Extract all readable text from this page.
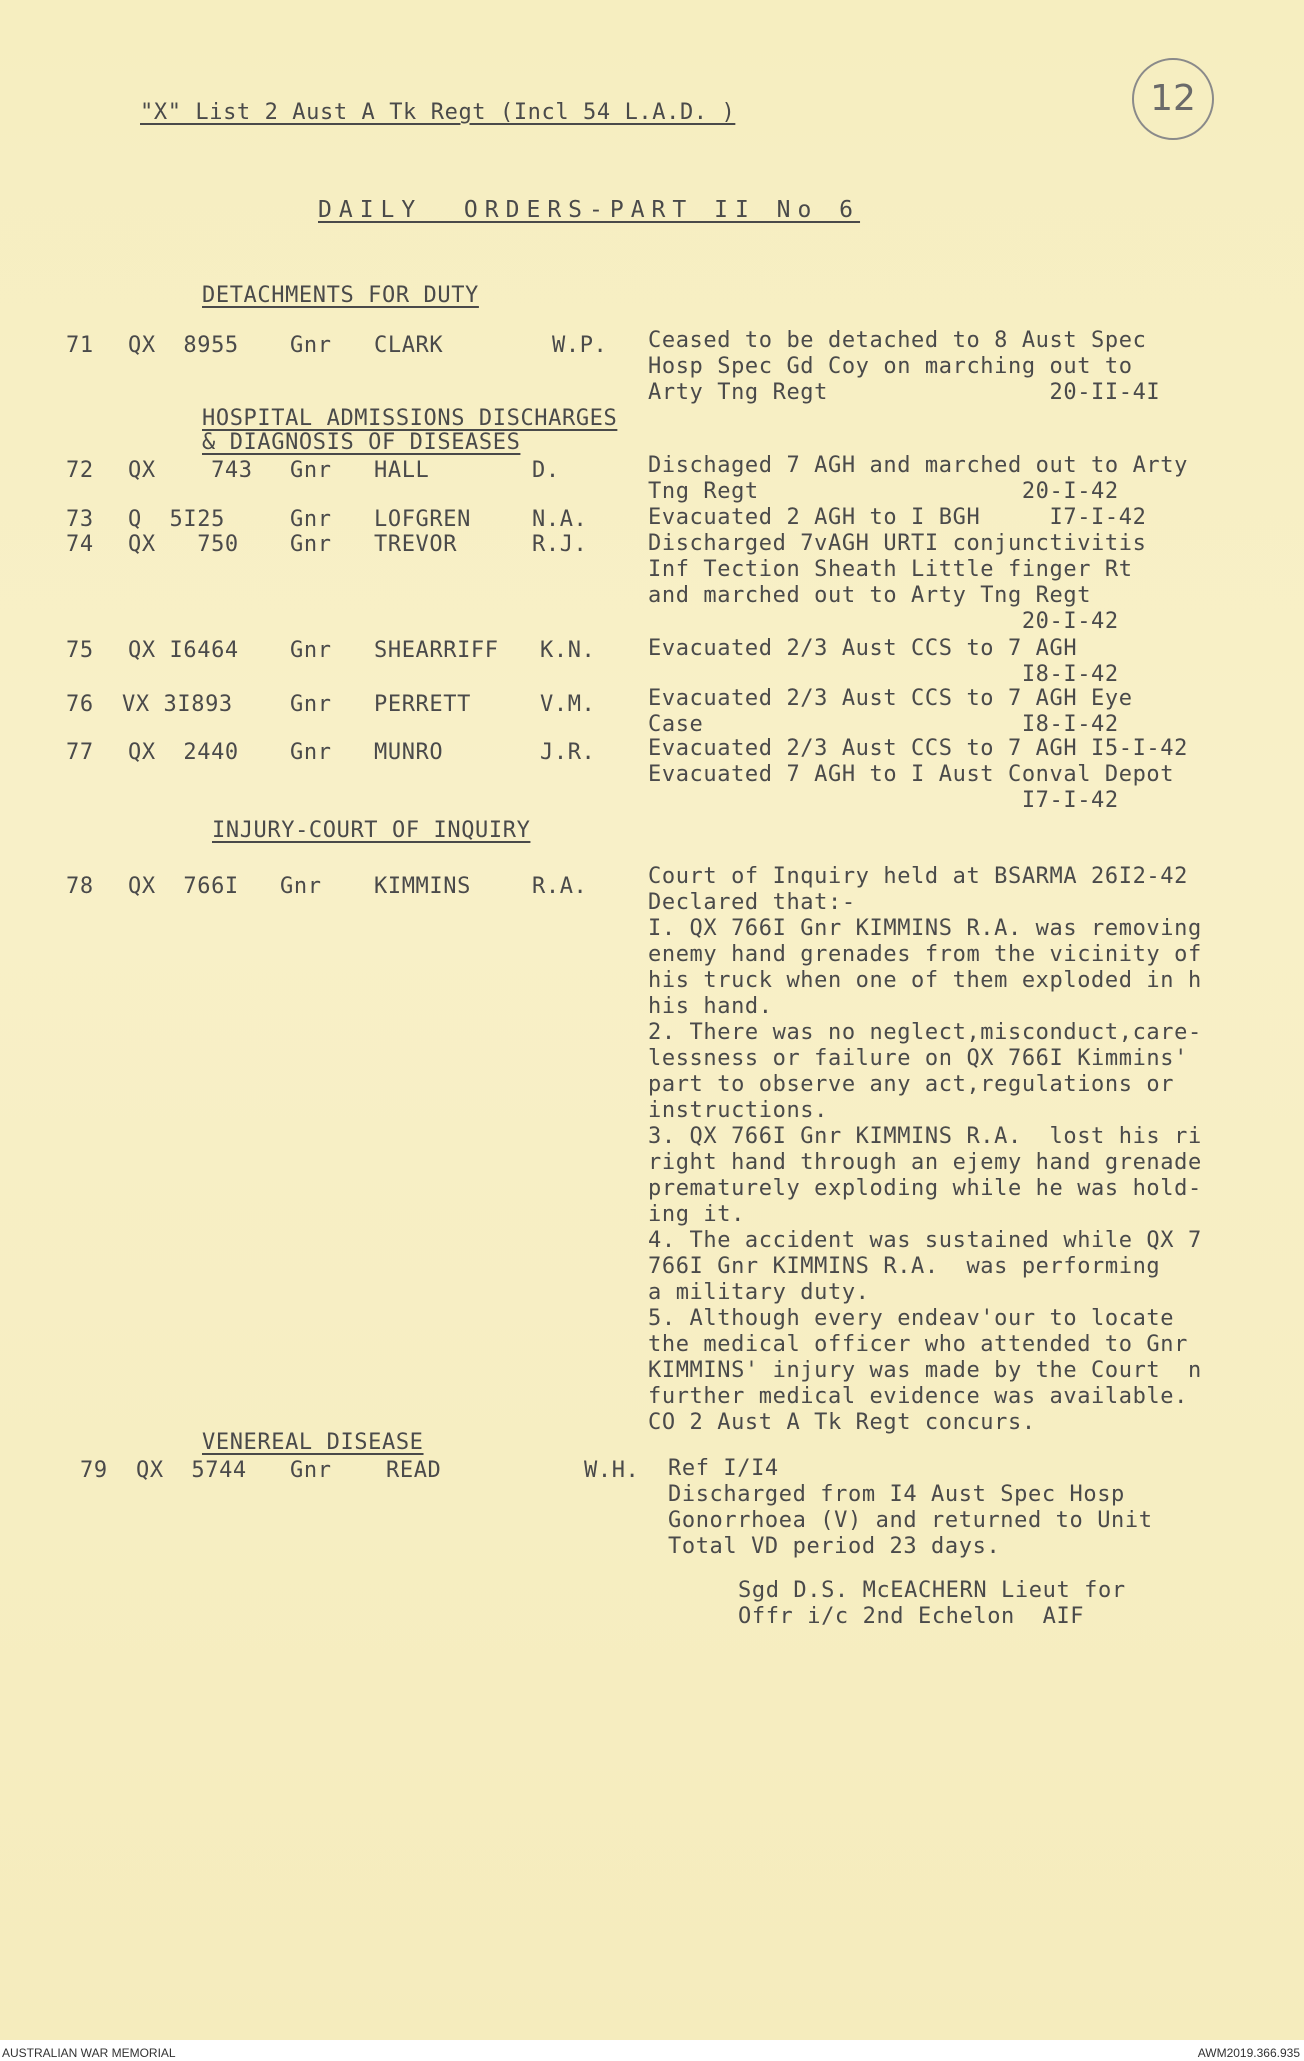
12
"X" List 2 Aust A Tk Regt (Incl 54 L.A.D. )
DAILY  ORDERS-PART II No 6
DETACHMENTS FOR DUTY
71 QX  8955 Gnr CLARK	W.P. Ceased to be detached to 8 Aust Spec
Hosp Spec Gd Coy on marching out to
Arty Tng Regt                20-II-4I
HOSPITAL ADMISSIONS DISCHARGES
& DIAGNOSIS OF DISEASES
72 QX    743 Gnr HALL	D.	Dischaged 7 AGH and marched out to Arty
Tng Regt                   20-I-42
73 Q  5I25	Gnr LOFGREN	N.A.	Evacuated 2 AGH to I BGH     I7-I-42
74 QX   750 Gnr TREVOR	R.J.	Discharged 7vAGH URTI conjunctivitis
Inf Tection Sheath Little finger Rt
and marched out to Arty Tng Regt
20-I-42
75 QX I6464 Gnr SHEARRIFF K.N. Evacuated 2/3 Aust CCS to 7 AGH
I8-I-42
76 VX 3I893	Gnr PERRETT	V.M. Evacuated 2/3 Aust CCS to 7 AGH Eye
Case                       I8-I-42
77 QX  2440 Gnr MUNRO	J.R. Evacuated 2/3 Aust CCS to 7 AGH I5-I-42
Evacuated 7 AGH to I Aust Conval Depot
I7-I-42
INJURY-COURT OF INQUIRY
78 QX  766I Gnr KIMMINS	R.A.	Court of Inquiry held at BSARMA 26I2-42
Declared that:-
I. QX 766I Gnr KIMMINS R.A. was removing
enemy hand grenades from the vicinity of
his truck when one of them exploded in h
his hand.
2. There was no neglect,misconduct,care-
lessness or failure on QX 766I Kimmins'
part to observe any act,regulations or
instructions.
3. QX 766I Gnr KIMMINS R.A.  lost his ri
right hand through an ejemy hand grenade
prematurely exploding while he was hold-
ing it.
4. The accident was sustained while QX 7
766I Gnr KIMMINS R.A.  was performing
a military duty.
5. Although every endeav'our to locate
the medical officer who attended to Gnr
KIMMINS' injury was made by the Court  n
further medical evidence was available.
CO 2 Aust A Tk Regt concurs.
VENEREAL DISEASE
79 QX  5744 Gnr READ	W.H. Ref I/I4
Discharged from I4 Aust Spec Hosp
Gonorrhoea (V) and returned to Unit
Total VD period 23 days.
Sgd D.S. McEACHERN Lieut for
Offr i/c 2nd Echelon  AIF
AUSTRALIAN WAR MEMORIAL	AWM2019.366.935
